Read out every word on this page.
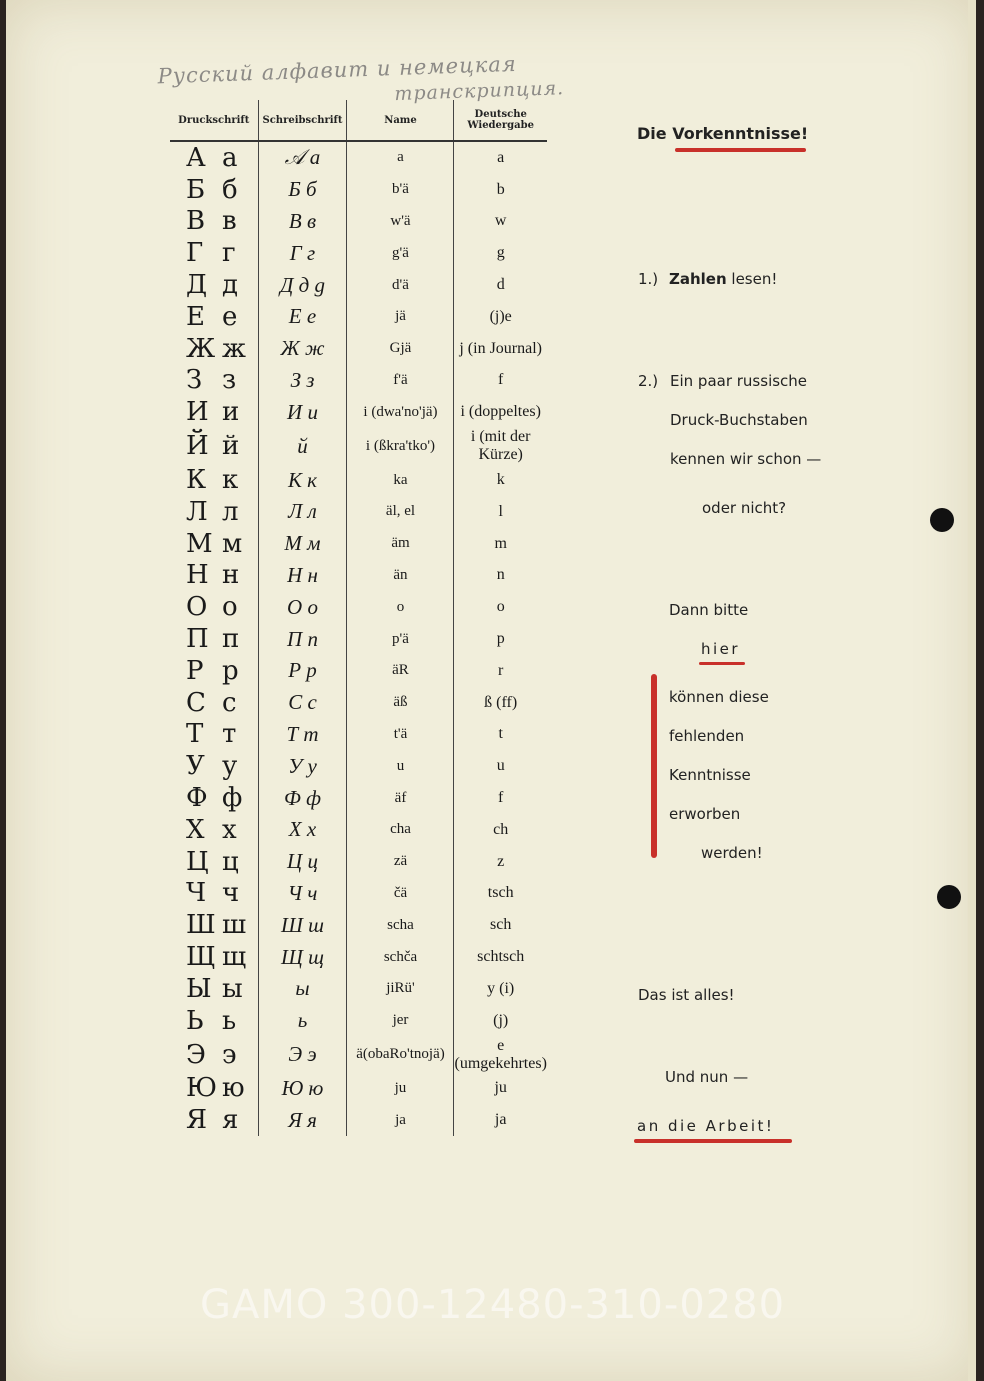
Русский алфавит и немецкая
транскрипция.
Druckschrift	Schreibschrift	Name	Deutsche Wiedergabe
А а	𝒜 a	a	a
Б б	Б б	b'ä	b
В в	В в	w'ä	w
Г г	Г г	g'ä	g
Д д	Д д g	d'ä	d
Е е	Е е	jä	(j)e
Ж ж	Ж ж	Gjä	j (in Journal)
З з	З з	f'ä	f
И и	И и	i (dwa'no'jä)	i (doppeltes)
Й й	й	i (ßkra'tko')	i (mit der Kürze)
К к	К к	ka	k
Л л	Л л	äl, el	l
М м	М м	äm	m
Н н	Н н	än	n
О о	О о	o	o
П п	П п	p'ä	p
Р р	Р р	äR	r
С с	С с	äß	ß (ff)
Т т	Т т	t'ä	t
У у	У у	u	u
Ф ф	Ф ф	äf	f
Х х	Х х	cha	ch
Ц ц	Ц ц	zä	z
Ч ч	Ч ч	čä	tsch
Ш ш	Ш ш	scha	sch
Щ щ	Щ щ	schča	schtsch
Ы ы	ы	jiRü'	y (i)
Ь ь	ь	jer	(j)
Э э	Э э	ä(obaRo'tnojä)	e (umgekehrtes)
Ю ю	Ю ю	ju	ju
Я я	Я я	ja	ja
Die Vorkenntnisse!
1.) Zahlen lesen!
2.) Ein paar russische
Druck-Buchstaben
kennen wir schon —
oder nicht?
Dann bitte
hier
können diese
fehlenden
Kenntnisse
erworben
werden!
Das ist alles!
Und nun —
an die Arbeit!
GAMO 300-12480-310-0280
